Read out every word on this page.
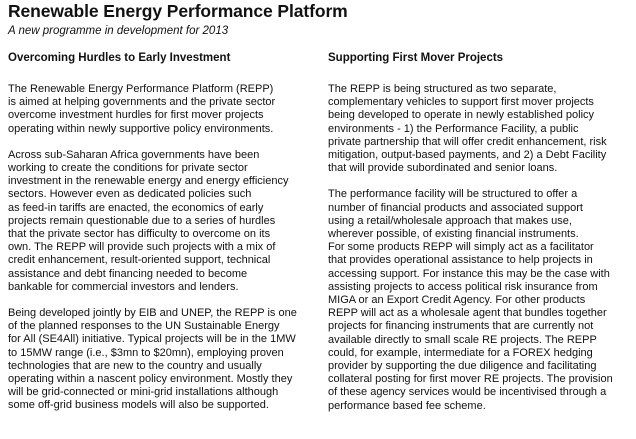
Renewable Energy Performance Platform
A new programme in development for 2013
Overcoming Hurdles to Early Investment
The Renewable Energy Performance Platform (REPP)
is aimed at helping governments and the private sector
overcome investment hurdles for first mover projects
operating within newly supportive policy environments.
Across sub-Saharan Africa governments have been
working to create the conditions for private sector
investment in the renewable energy and energy efficiency
sectors. However even as dedicated policies such
as feed-in tariffs are enacted, the economics of early
projects remain questionable due to a series of hurdles
that the private sector has difficulty to overcome on its
own. The REPP will provide such projects with a mix of
credit enhancement, result-oriented support, technical
assistance and debt financing needed to become
bankable for commercial investors and lenders.
Being developed jointly by EIB and UNEP, the REPP is one
of the planned responses to the UN Sustainable Energy
for All (SE4All) initiative. Typical projects will be in the 1MW
to 15MW range (i.e., $3mn to $20mn), employing proven
technologies that are new to the country and usually
operating within a nascent policy environment. Mostly they
will be grid-connected or mini-grid installations although
some off-grid business models will also be supported.
Supporting First Mover Projects
The REPP is being structured as two separate,
complementary vehicles to support first mover projects
being developed to operate in newly established policy
environments - 1) the Performance Facility, a public
private partnership that will offer credit enhancement, risk
mitigation, output-based payments, and 2) a Debt Facility
that will provide subordinated and senior loans.
The performance facility will be structured to offer a
number of financial products and associated support
using a retail/wholesale approach that makes use,
wherever possible, of existing financial instruments.
For some products REPP will simply act as a facilitator
that provides operational assistance to help projects in
accessing support. For instance this may be the case with
assisting projects to access political risk insurance from
MIGA or an Export Credit Agency. For other products
REPP will act as a wholesale agent that bundles together
projects for financing instruments that are currently not
available directly to small scale RE projects. The REPP
could, for example, intermediate for a FOREX hedging
provider by supporting the due diligence and facilitating
collateral posting for first mover RE projects. The provision
of these agency services would be incentivised through a
performance based fee scheme.
